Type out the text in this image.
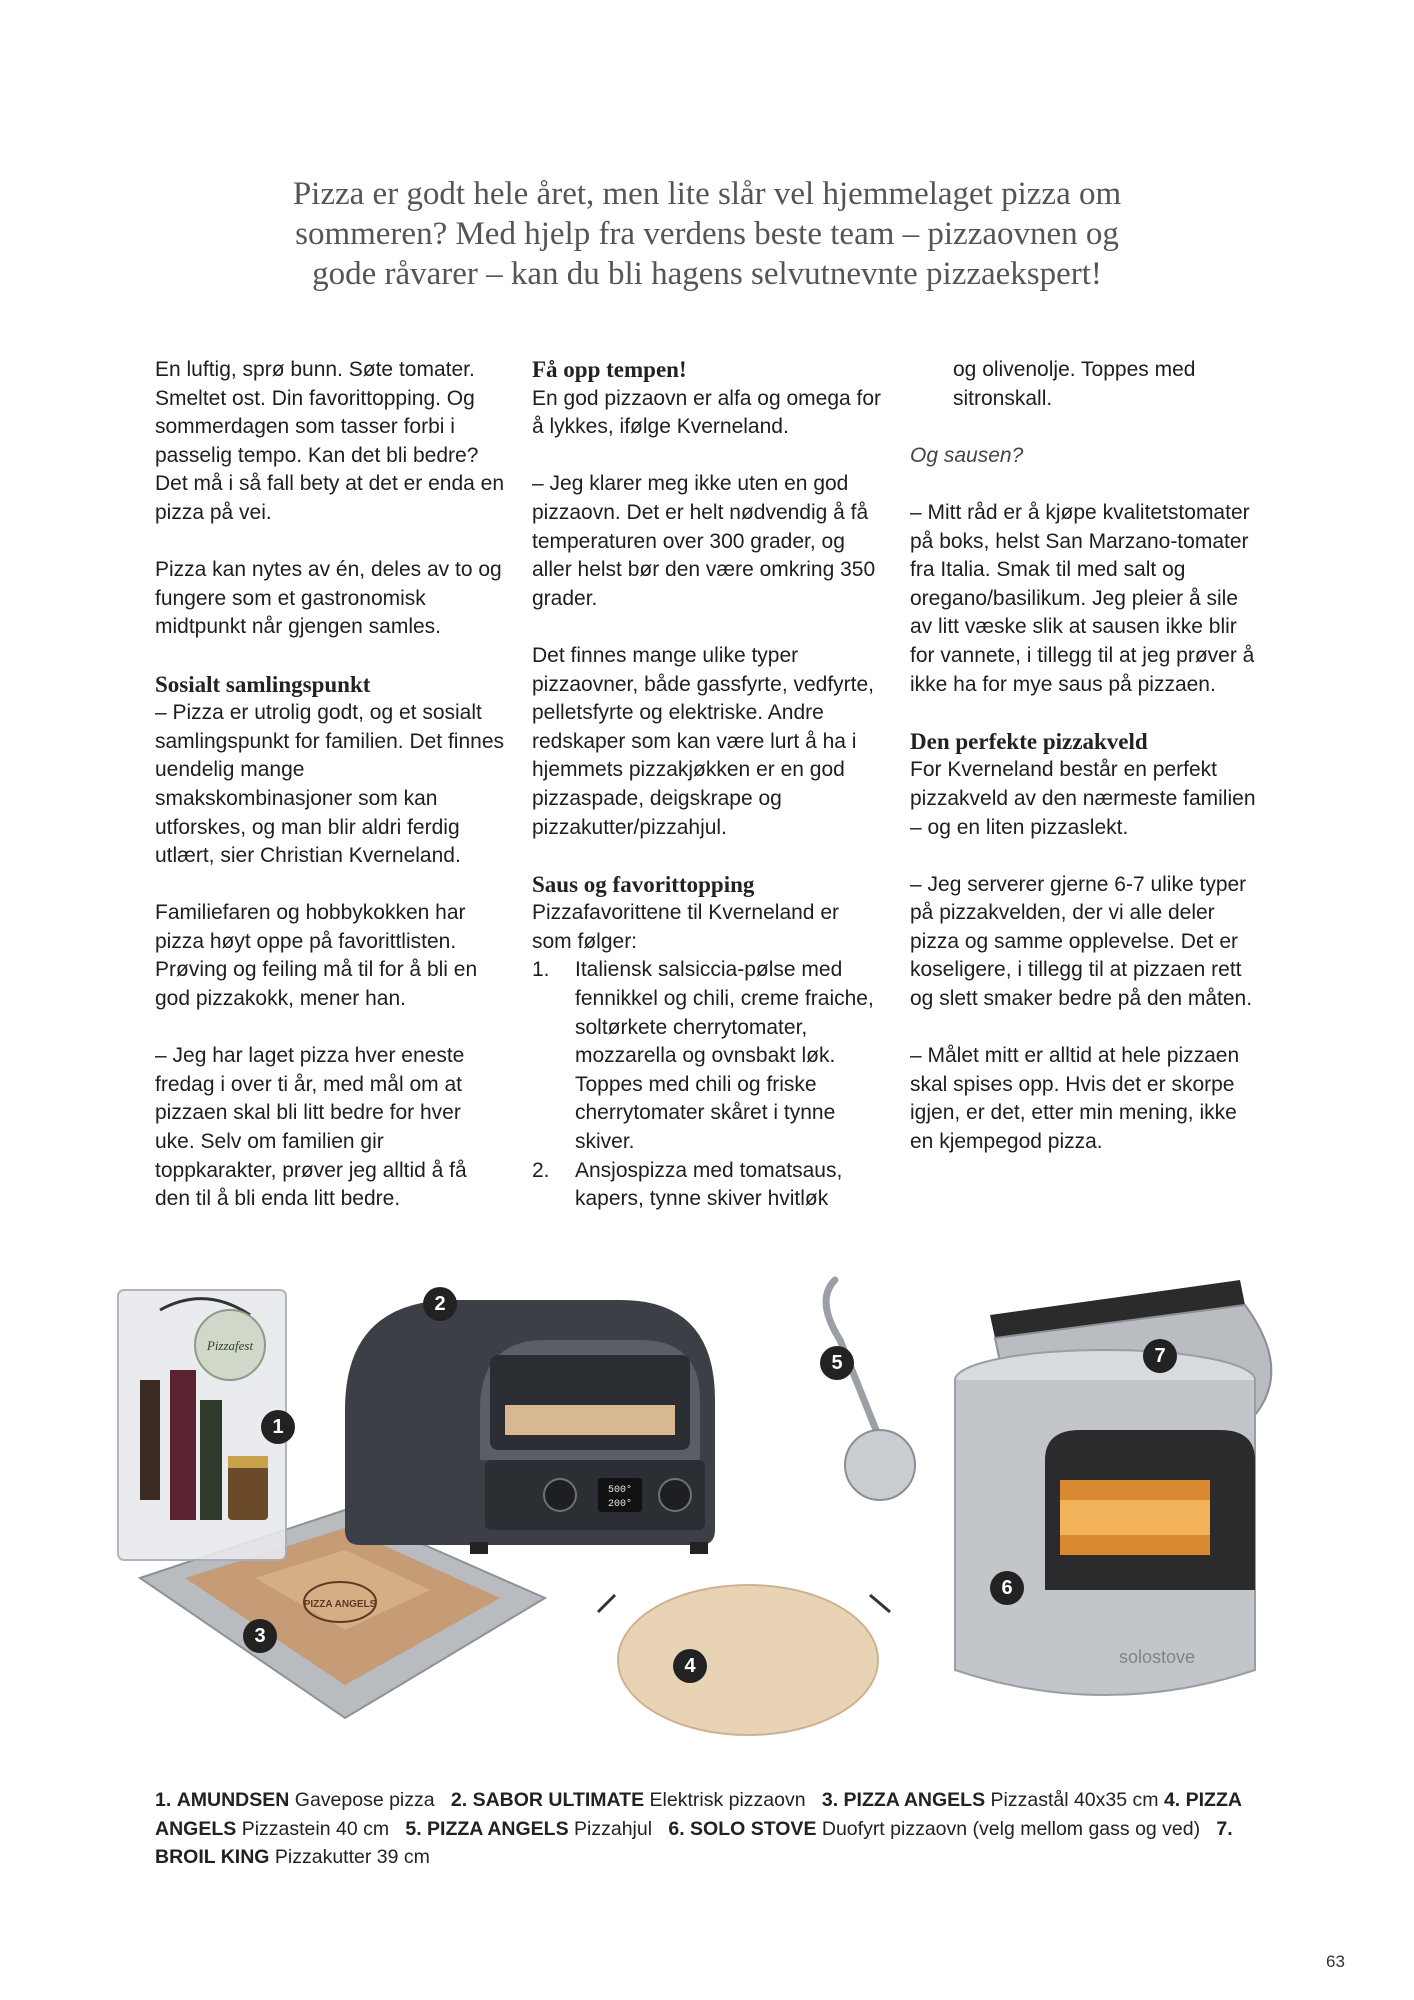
Pizza er godt hele året, men lite slår vel hjemmelaget pizza om
sommeren? Med hjelp fra verdens beste team – pizzaovnen og
gode råvarer – kan du bli hagens selvutnevnte pizzaekspert!

En luftig, sprø bunn. Søte tomater. Smeltet ost. Din favorittopping. Og sommerdagen som tasser forbi i passelig tempo. Kan det bli bedre? Det må i så fall bety at det er enda en pizza på vei.

Pizza kan nytes av én, deles av to og fungere som et gastronomisk midtpunkt når gjengen samles.

Sosialt samlingspunkt

– Pizza er utrolig godt, og et sosialt samlingspunkt for familien. Det finnes uendelig mange smakskombinasjoner som kan utforskes, og man blir aldri ferdig utlært, sier Christian Kverneland.

Familiefaren og hobbykokken har pizza høyt oppe på favorittlisten. Prøving og feiling må til for å bli en god pizzakokk, mener han.

– Jeg har laget pizza hver eneste fredag i over ti år, med mål om at pizzaen skal bli litt bedre for hver uke. Selv om familien gir toppkarakter, prøver jeg alltid å få den til å bli enda litt bedre.

Få opp tempen!

En god pizzaovn er alfa og omega for å lykkes, ifølge Kverneland.

– Jeg klarer meg ikke uten en god pizzaovn. Det er helt nødvendig å få temperaturen over 300 grader, og aller helst bør den være omkring 350 grader.

Det finnes mange ulike typer pizzaovner, både gassfyrte, vedfyrte, pelletsfyrte og elektriske. Andre redskaper som kan være lurt å ha i hjemmets pizzakjøkken er en god pizzaspade, deigskrape og pizzakutter/pizzahjul.

Saus og favorittopping

Pizzafavorittene til Kverneland er som følger:

1. Italiensk salsiccia-pølse med fennikkel og chili, creme fraiche, soltørkete cherrytomater, mozzarella og ovnsbakt løk. Toppes med chili og friske cherrytomater skåret i tynne skiver.
2. Ansjospizza med tomatsaus, kapers, tynne skiver hvitløk

og olivenolje. Toppes med sitronskall.

Og sausen?

– Mitt råd er å kjøpe kvalitetstomater på boks, helst San Marzano-tomater fra Italia. Smak til med salt og oregano/basilikum. Jeg pleier å sile av litt væske slik at sausen ikke blir for vannete, i tillegg til at jeg prøver å ikke ha for mye saus på pizzaen.

Den perfekte pizzakveld

For Kverneland består en perfekt pizzakveld av den nærmeste familien – og en liten pizzaslekt.

– Jeg serverer gjerne 6-7 ulike typer på pizzakvelden, der vi alle deler pizza og samme opplevelse. Det er koseligere, i tillegg til at pizzaen rett og slett smaker bedre på den måten.

– Målet mitt er alltid at hele pizzaen skal spises opp. Hvis det er skorpe igjen, er det, etter min mening, ikke en kjempegod pizza.

PIZZA ANGELS
Pizzafest
500°
200°
solostove
1
2
3
4
5
6
7
1. AMUNDSEN Gavepose pizza 2. SABOR ULTIMATE Elektrisk pizzaovn 3. PIZZA ANGELS Pizzastål 40x35 cm 4. PIZZA ANGELS Pizzastein 40 cm 5. PIZZA ANGELS Pizzahjul 6. SOLO STOVE Duofyrt pizzaovn (velg mellom gass og ved) 7. BROIL KING Pizzakutter 39 cm
63
